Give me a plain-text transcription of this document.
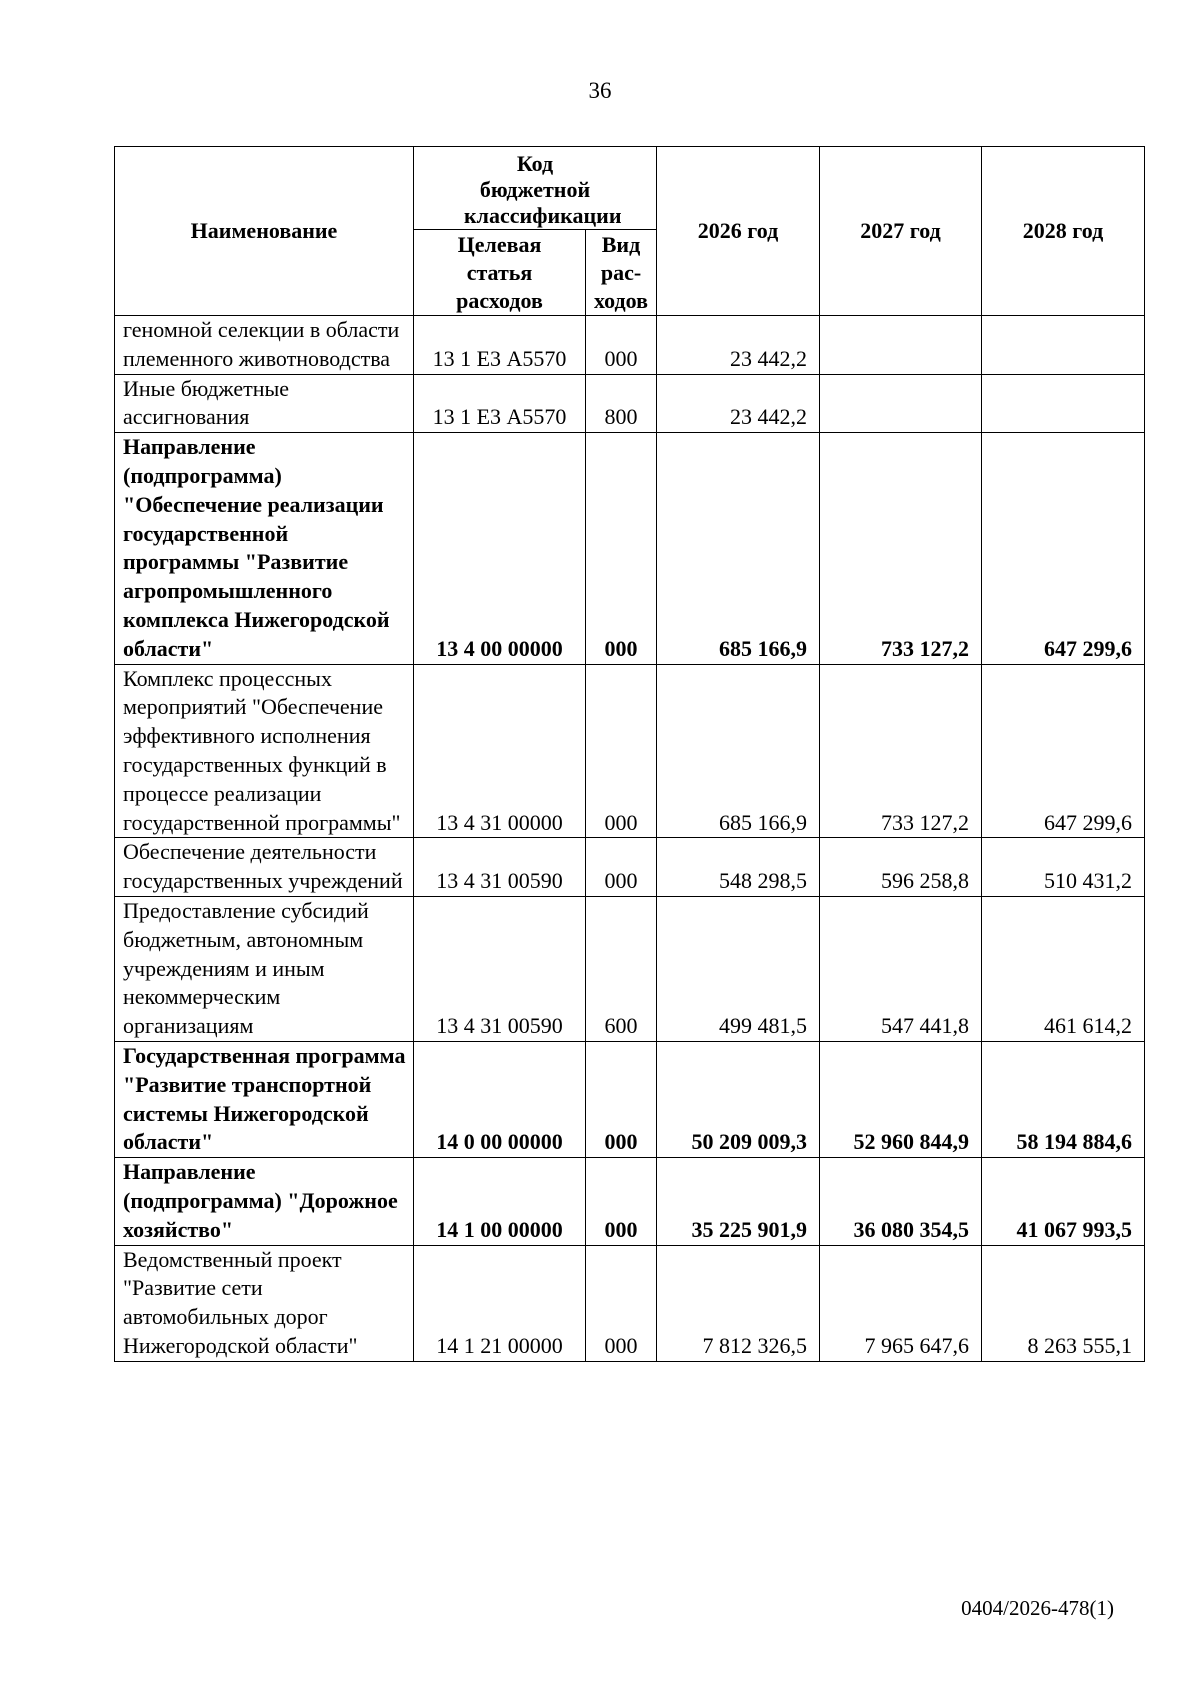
36
Наименование	Код бюджетной классификации		2026 год	2027 год	2028 год
	Целевая статья расходов	Вид рас-ходов			
геномной селекции в области племенного животноводства	13 1 Е3 А5570	000	23 442,2		
Иные бюджетные ассигнования	13 1 Е3 А5570	800	23 442,2		
Направление (подпрограмма) "Обеспечение реализации государственной программы "Развитие агропромышленного комплекса Нижегородской области"	13 4 00 00000	000	685 166,9	733 127,2	647 299,6
Комплекс процессных мероприятий "Обеспечение эффективного исполнения государственных функций в процессе реализации государственной программы"	13 4 31 00000	000	685 166,9	733 127,2	647 299,6
Обеспечение деятельности государственных учреждений	13 4 31 00590	000	548 298,5	596 258,8	510 431,2
Предоставление субсидий бюджетным, автономным учреждениям и иным некоммерческим организациям	13 4 31 00590	600	499 481,5	547 441,8	461 614,2
Государственная программа "Развитие транспортной системы Нижегородской области"	14 0 00 00000	000	50 209 009,3	52 960 844,9	58 194 884,6
Направление (подпрограмма) "Дорожное хозяйство"	14 1 00 00000	000	35 225 901,9	36 080 354,5	41 067 993,5
Ведомственный проект "Развитие сети автомобильных дорог Нижегородской области"	14 1 21 00000	000	7 812 326,5	7 965 647,6	8 263 555,1
0404/2026-478(1)
